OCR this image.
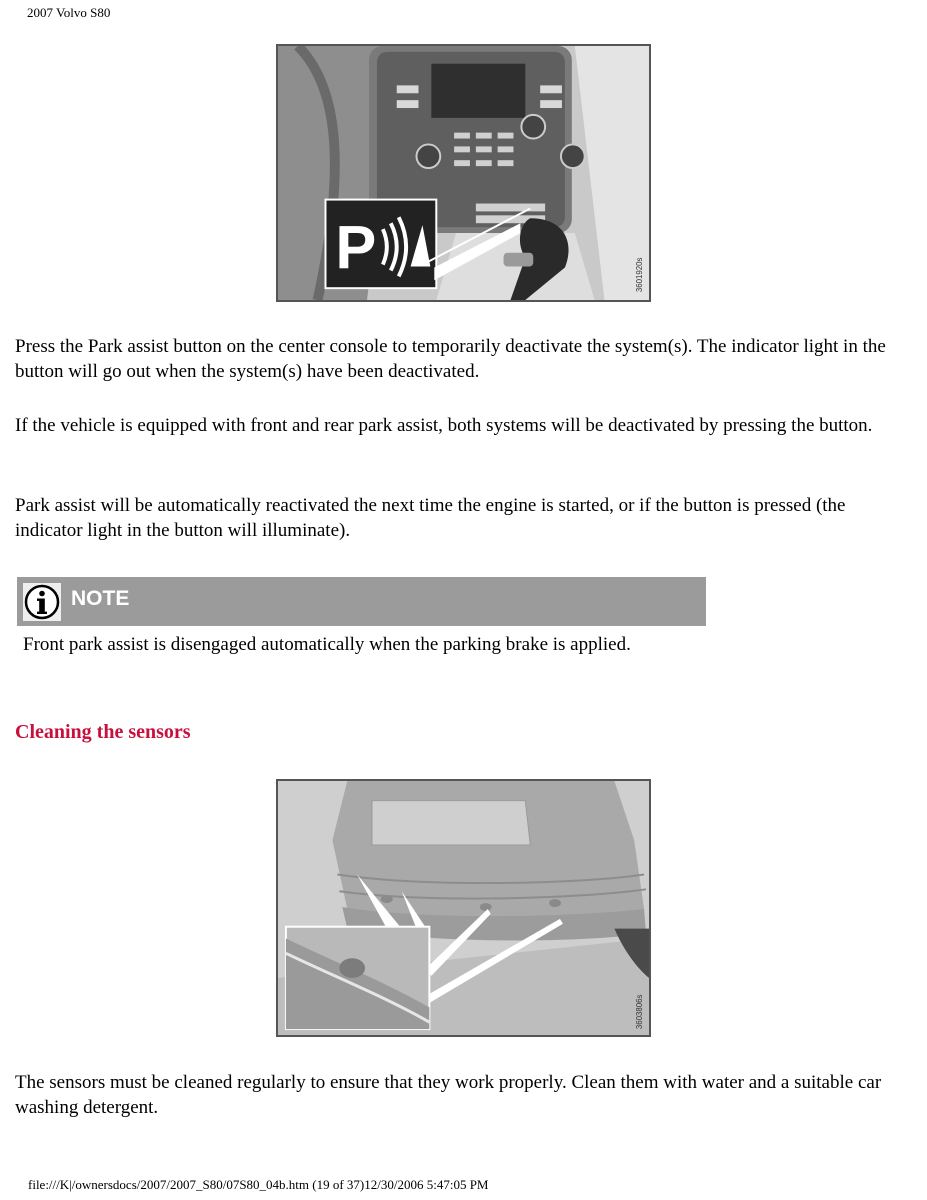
2007 Volvo S80
P	3601920s

Press the Park assist button on the center console to temporarily deactivate the system(s). The indicator light in the button will go out when the system(s) have been deactivated.

If the vehicle is equipped with front and rear park assist, both systems will be deactivated by pressing the button.

Park assist will be automatically reactivated the next time the engine is started, or if the button is pressed (the indicator light in the button will illuminate).

NOTE

Front park assist is disengaged automatically when the parking brake is applied.

Cleaning the sensors
3603806s

The sensors must be cleaned regularly to ensure that they work properly. Clean them with water and a suitable car washing detergent.

file:///K|/ownersdocs/2007/2007_S80/07S80_04b.htm (19 of 37)12/30/2006 5:47:05 PM
